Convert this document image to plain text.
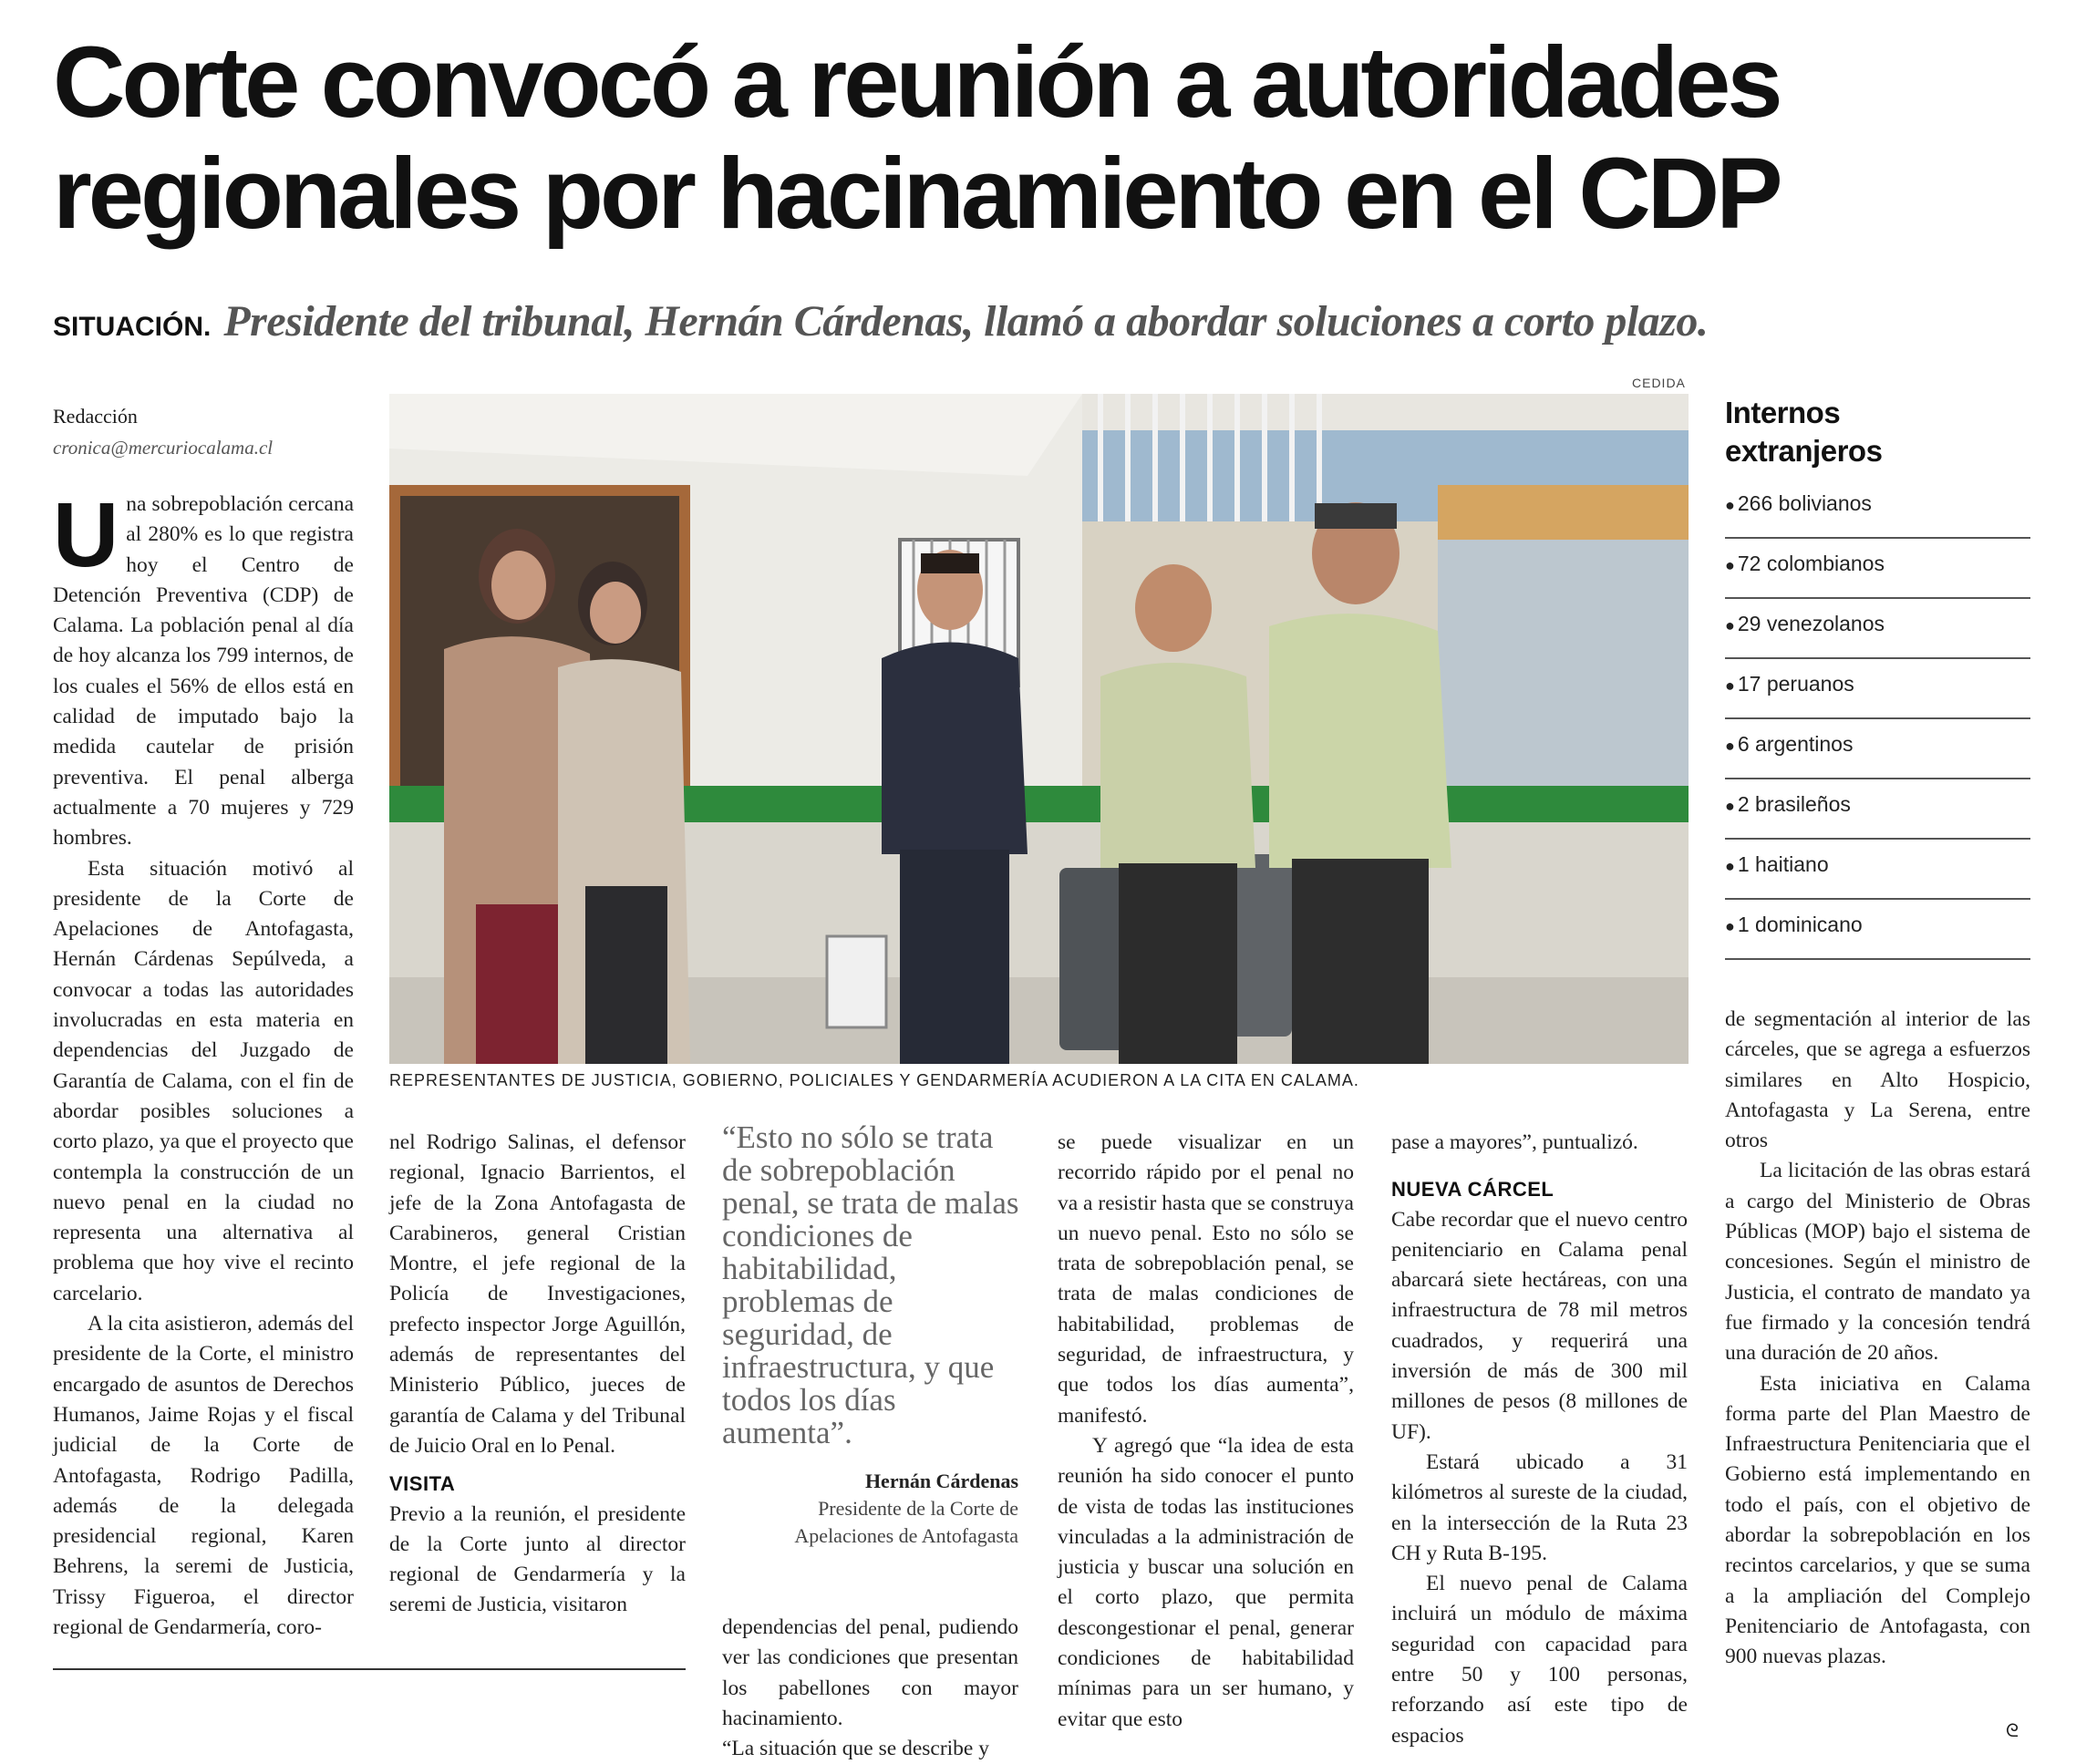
Corte convocó a reunión a autoridades
regionales por hacinamiento en el CDP
SITUACIÓN. Presidente del tribunal, Hernán Cárdenas, llamó a abordar soluciones a corto plazo.
Redacción
cronica@mercuriocalama.cl
CEDIDA
REPRESENTANTES DE JUSTICIA, GOBIERNO, POLICIALES Y GENDARMERÍA ACUDIERON A LA CITA EN CALAMA.
Internos
extranjeros
● 266 bolivianos
● 72 colombianos
● 29 venezolanos
● 17 peruanos
● 6 argentinos
● 2 brasileños
● 1 haitiano
● 1 dominicano

Una sobrepoblación cercana al 280% es lo que registra hoy el Centro de Detención Preventiva (CDP) de Calama. La población penal al día de hoy alcanza los 799 internos, de los cuales el 56% de ellos está en calidad de imputado bajo la medida cautelar de prisión preventiva. El penal alberga actualmente a 70 mujeres y 729 hombres.

Esta situación motivó al presidente de la Corte de Apelaciones de Antofagasta, Hernán Cárdenas Sepúlveda, a convocar a todas las autoridades involucradas en esta materia en dependencias del Juzgado de Garantía de Calama, con el fin de abordar posibles soluciones a corto plazo, ya que el proyecto que contempla la construcción de un nuevo penal en la ciudad no representa una alternativa al problema que hoy vive el recinto carcelario.

A la cita asistieron, además del presidente de la Corte, el ministro encargado de asuntos de Derechos Humanos, Jaime Rojas y el fiscal judicial de la Corte de Antofagasta, Rodrigo Padilla, además de la delegada presidencial regional, Karen Behrens, la seremi de Justicia, Trissy Figueroa, el director regional de Gendarmería, coro-

nel Rodrigo Salinas, el defensor regional, Ignacio Barrientos, el jefe de la Zona Antofagasta de Carabineros, general Cristian Montre, el jefe regional de la Policía de Investigaciones, prefecto inspector Jorge Aguillón, además de representantes del Ministerio Público, jueces de garantía de Calama y del Tribunal de Juicio Oral en lo Penal.

VISITA

Previo a la reunión, el presidente de la Corte junto al director regional de Gendarmería y la seremi de Justicia, visitaron

“Esto no sólo se trata de sobrepoblación penal, se trata de malas condiciones de habitabilidad, problemas de seguridad, de infraestructura, y que todos los días aumenta”.
Hernán Cárdenas
Presidente de la Corte de Apelaciones de Antofagasta

dependencias del penal, pudiendo ver las condiciones que presentan los pabellones con mayor hacinamiento.

“La situación que se describe y

se puede visualizar en un recorrido rápido por el penal no va a resistir hasta que se construya un nuevo penal. Esto no sólo se trata de sobrepoblación penal, se trata de malas condiciones de habitabilidad, problemas de seguridad, de infraestructura, y que todos los días aumenta”, manifestó.

Y agregó que “la idea de esta reunión ha sido conocer el punto de vista de todas las instituciones vinculadas a la administración de justicia y buscar una solución en el corto plazo, que permita descongestionar el penal, generar condiciones de habitabilidad mínimas para un ser humano, y evitar que esto

pase a mayores”, puntualizó.

NUEVA CÁRCEL

Cabe recordar que el nuevo centro penitenciario en Calama penal abarcará siete hectáreas, con una infraestructura de 78 mil metros cuadrados, y requerirá una inversión de más de 300 mil millones de pesos (8 millones de UF).

Estará ubicado a 31 kilómetros al sureste de la ciudad, en la intersección de la Ruta 23 CH y Ruta B-195.

El nuevo penal de Calama incluirá un módulo de máxima seguridad con capacidad para entre 50 y 100 personas, reforzando así este tipo de espacios

de segmentación al interior de las cárceles, que se agrega a esfuerzos similares en Alto Hospicio, Antofagasta y La Serena, entre otros

La licitación de las obras estará a cargo del Ministerio de Obras Públicas (MOP) bajo el sistema de concesiones. Según el ministro de Justicia, el contrato de mandato ya fue firmado y la concesión tendrá una duración de 20 años.

Esta iniciativa en Calama forma parte del Plan Maestro de Infraestructura Penitenciaria que el Gobierno está implementando en todo el país, con el objetivo de abordar la sobrepoblación en los recintos carcelarios, y que se suma a la ampliación del Complejo Penitenciario de Antofagasta, con 900 nuevas plazas.

ᘓ
